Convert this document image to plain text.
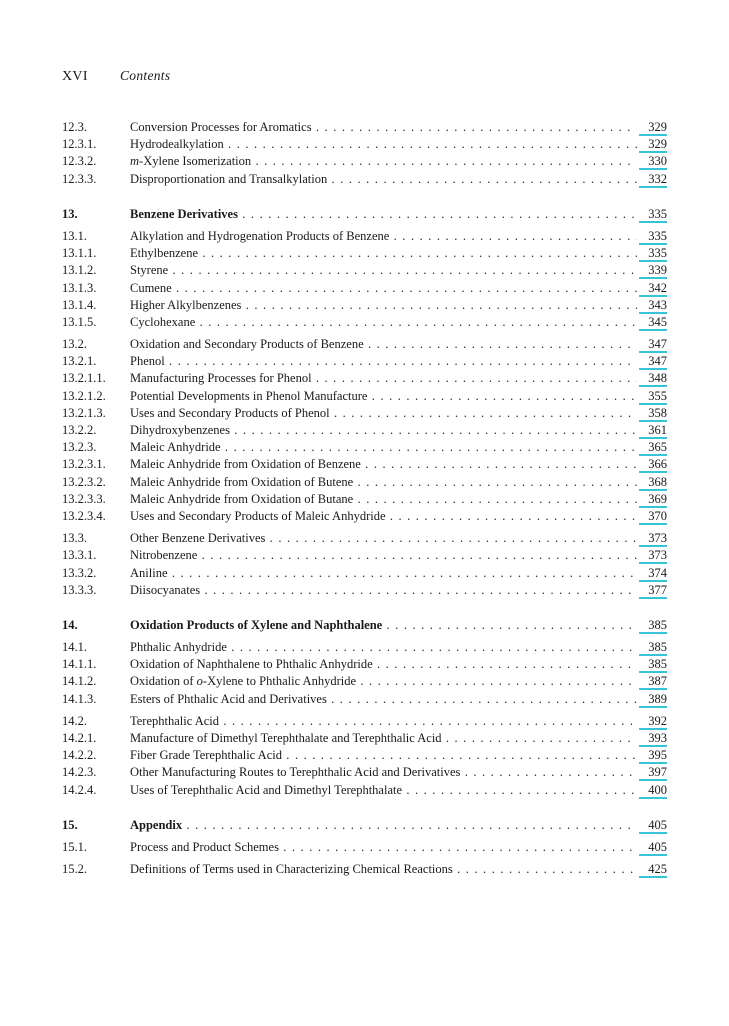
XVI Contents
12.3.	Conversion Processes for Aromatics . . .	329
12.3.1.	Hydrodealkylation . . .	329
12.3.2.	m-Xylene Isomerization . . .	330
12.3.3.	Disproportionation and Transalkylation . . .	332
13.	Benzene Derivatives . . .	335
13.1.	Alkylation and Hydrogenation Products of Benzene . . .	335
13.1.1.	Ethylbenzene . . .	335
13.1.2.	Styrene . . .	339
13.1.3.	Cumene . . .	342
13.1.4.	Higher Alkylbenzenes . . .	343
13.1.5.	Cyclohexane . . .	345
13.2.	Oxidation and Secondary Products of Benzene . . .	347
13.2.1.	Phenol . . .	347
13.2.1.1.	Manufacturing Processes for Phenol . . .	348
13.2.1.2.	Potential Developments in Phenol Manufacture . . .	355
13.2.1.3.	Uses and Secondary Products of Phenol . . .	358
13.2.2.	Dihydroxybenzenes . . .	361
13.2.3.	Maleic Anhydride . . .	365
13.2.3.1.	Maleic Anhydride from Oxidation of Benzene . . .	366
13.2.3.2.	Maleic Anhydride from Oxidation of Butene . . .	368
13.2.3.3.	Maleic Anhydride from Oxidation of Butane . . .	369
13.2.3.4.	Uses and Secondary Products of Maleic Anhydride . . .	370
13.3.	Other Benzene Derivatives . . .	373
13.3.1.	Nitrobenzene . . .	373
13.3.2.	Aniline . . .	374
13.3.3.	Diisocyanates . . .	377
14.	Oxidation Products of Xylene and Naphthalene . . .	385
14.1.	Phthalic Anhydride . . .	385
14.1.1.	Oxidation of Naphthalene to Phthalic Anhydride . . .	385
14.1.2.	Oxidation of o-Xylene to Phthalic Anhydride . . .	387
14.1.3.	Esters of Phthalic Acid and Derivatives . . .	389
14.2.	Terephthalic Acid . . .	392
14.2.1.	Manufacture of Dimethyl Terephthalate and Terephthalic Acid . . .	393
14.2.2.	Fiber Grade Terephthalic Acid . . .	395
14.2.3.	Other Manufacturing Routes to Terephthalic Acid and Derivatives . . .	397
14.2.4.	Uses of Terephthalic Acid and Dimethyl Terephthalate . . .	400
15.	Appendix . . .	405
15.1.	Process and Product Schemes . . .	405
15.2.	Definitions of Terms used in Characterizing Chemical Reactions . . .	425
